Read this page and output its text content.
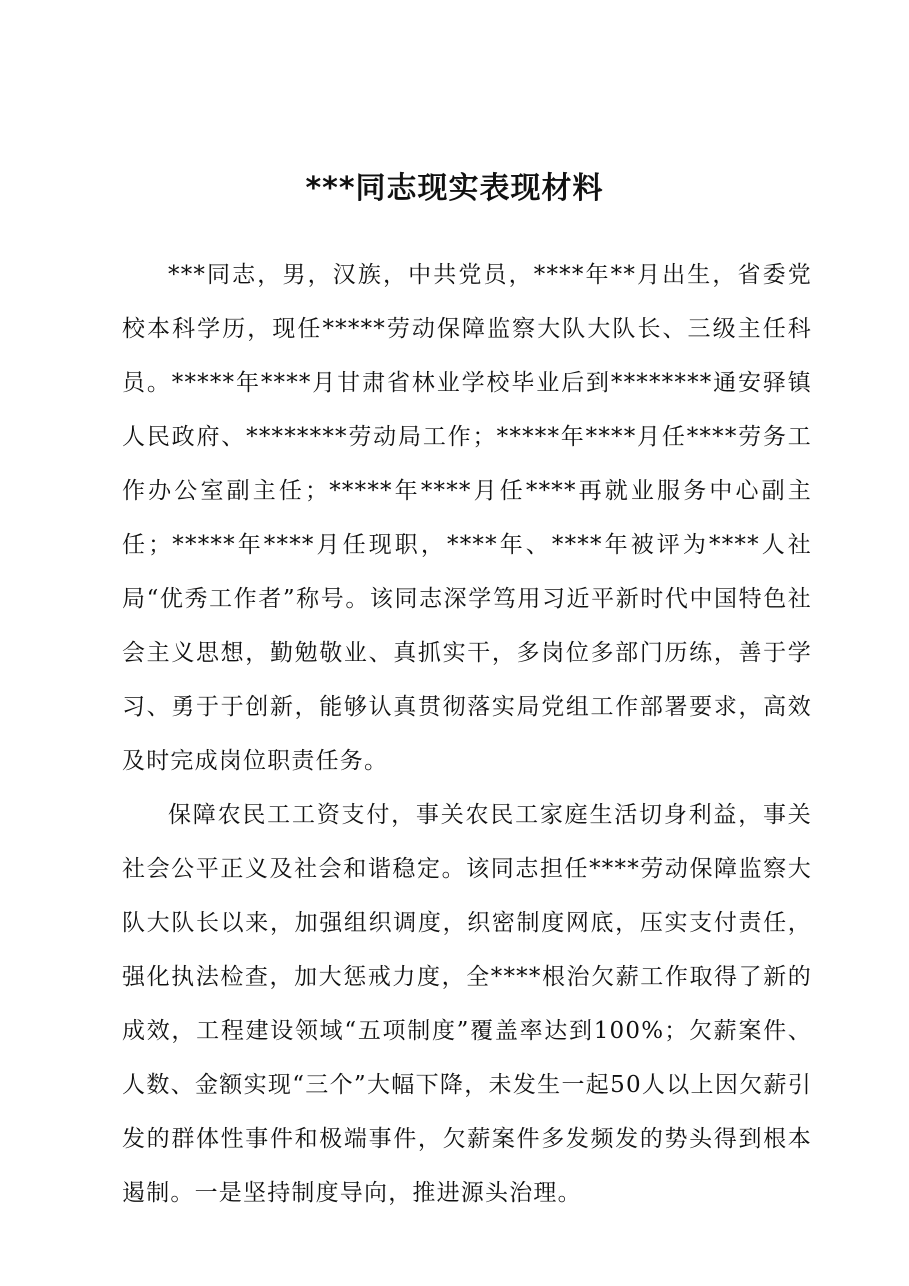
***同志现实表现材料

***同志，男，汉族，中共党员，****年**月出生，省委党校本科学历，现任*****劳动保障监察大队大队长、三级主任科员。*****年****月甘肃省林业学校毕业后到********通安驿镇人民政府、********劳动局工作；*****年****月任****劳务工作办公室副主任；*****年****月任****再就业服务中心副主任；*****年****月任现职，****年、****年被评为****人社局“优秀工作者”称号。该同志深学笃用习近平新时代中国特色社会主义思想，勤勉敬业、真抓实干，多岗位多部门历练，善于学习、勇于于创新，能够认真贯彻落实局党组工作部署要求，高效及时完成岗位职责任务。

保障农民工工资支付，事关农民工家庭生活切身利益，事关社会公平正义及社会和谐稳定。该同志担任****劳动保障监察大队大队长以来，加强组织调度，织密制度网底，压实支付责任，强化执法检查，加大惩戒力度，全****根治欠薪工作取得了新的成效，工程建设领域“五项制度”覆盖率达到100%；欠薪案件、人数、金额实现“三个”大幅下降，未发生一起50人以上因欠薪引发的群体性事件和极端事件，欠薪案件多发频发的势头得到根本遏制。一是坚持制度导向，推进源头治理。
